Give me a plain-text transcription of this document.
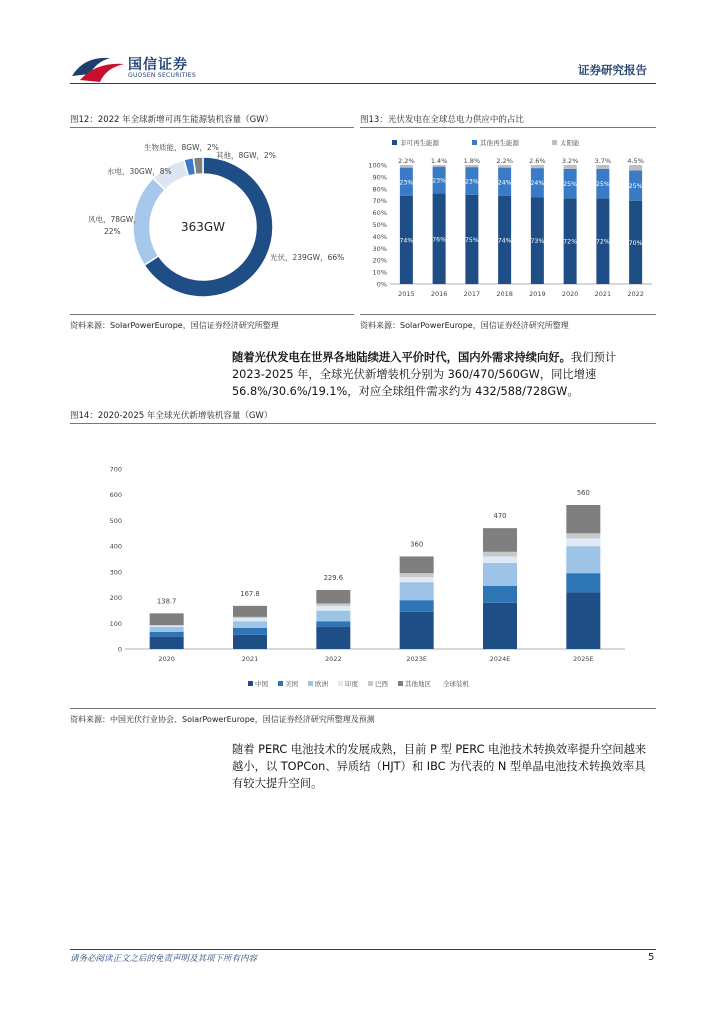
国信证券
GUOSEN SECURITIES	证券研究报告
图12：2022 年全球新增可再生能源装机容量（GW）
363GW
光伏，239GW，66%
风电，78GW，
22%
水电，30GW，8%
生物质能，8GW，2%
其他，8GW，2%
资料来源：SolarPowerEurope，国信证券经济研究所整理
图13：光伏发电在全球总电力供应中的占比
非可再生能源	其他再生能源	太阳能
0%
10%
20%
30%
40%
50%
60%
70%
80%
90%
100%
2015 2016 2017 2018 2019 2020 2021 2022
74%
23%
2.2%
76%
23%
1.4%
75%
23%
1.8%
74%
24%
2.2%
73%
24%
2.6%
72%
25%
3.2%
72%
25%
3.7%
70%
25%
4.5%
资料来源：SolarPowerEurope，国信证券经济研究所整理
随着光伏发电在世界各地陆续进入平价时代，国内外需求持续向好。我们预计
2023-2025 年，全球光伏新增装机分别为 360/470/560GW，同比增速
56.8%/30.6%/19.1%，对应全球组件需求约为 432/588/728GW。
图14：2020-2025 年全球光伏新增装机容量（GW）
0
100
200
300
400
500
600
700
2020	2021	2022	2023E	2024E	2025E
138.7
167.8
229.6
360
470
560
中国	美国	欧洲	印度	巴西	其他地区 全球装机
资料来源：中国光伏行业协会、SolarPowerEurope，国信证券经济研究所整理及预测
随着 PERC 电池技术的发展成熟，目前 P 型 PERC 电池技术转换效率提升空间越来
越小，以 TOPCon、异质结（HJT）和 IBC 为代表的 N 型单晶电池技术转换效率具
有较大提升空间。
请务必阅读正文之后的免责声明及其项下所有内容	5
